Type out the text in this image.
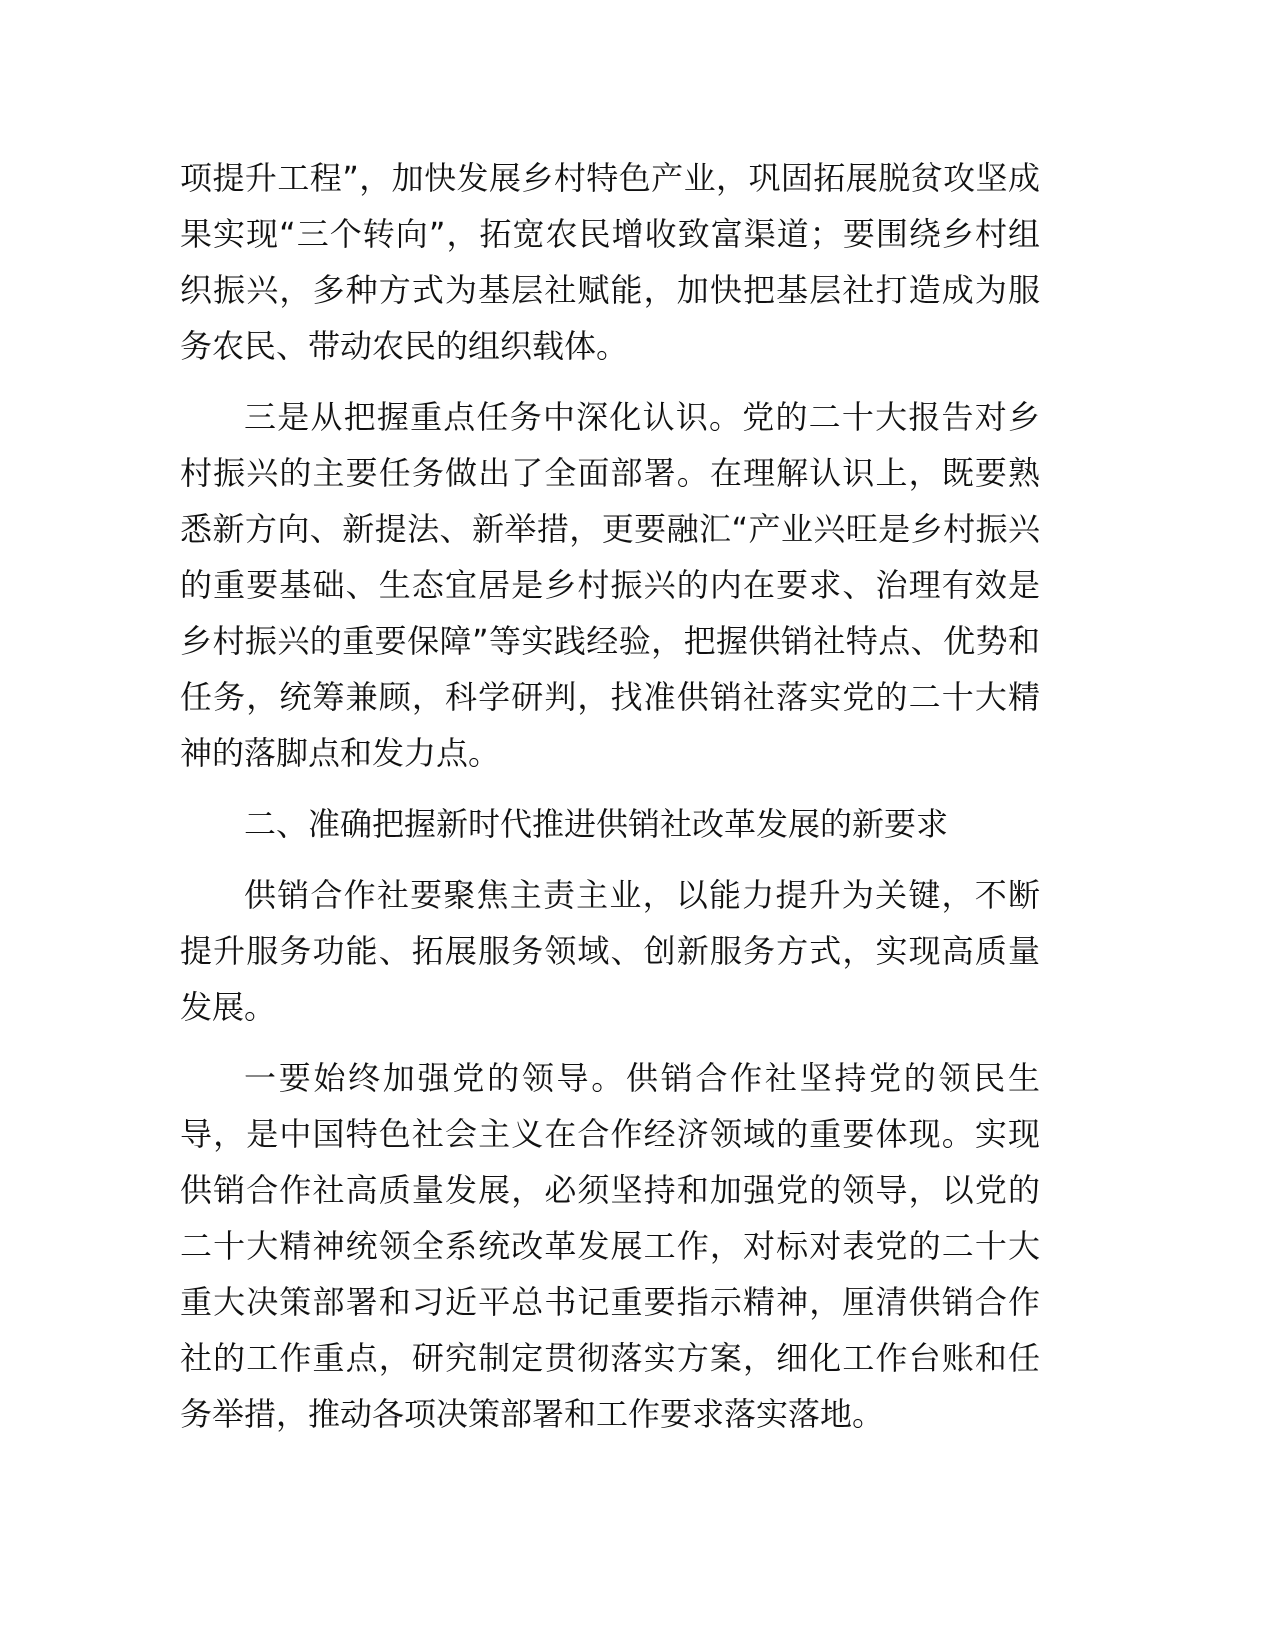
项提升工程”，加快发展乡村特色产业，巩固拓展脱贫攻坚成果实现“三个转向”，拓宽农民增收致富渠道；要围绕乡村组织振兴，多种方式为基层社赋能，加快把基层社打造成为服务农民、带动农民的组织载体。

三是从把握重点任务中深化认识。党的二十大报告对乡村振兴的主要任务做出了全面部署。在理解认识上，既要熟悉新方向、新提法、新举措，更要融汇“产业兴旺是乡村振兴的重要基础、生态宜居是乡村振兴的内在要求、治理有效是乡村振兴的重要保障”等实践经验，把握供销社特点、优势和任务，统筹兼顾，科学研判，找准供销社落实党的二十大精神的落脚点和发力点。

二、准确把握新时代推进供销社改革发展的新要求

供销合作社要聚焦主责主业，以能力提升为关键，不断提升服务功能、拓展服务领域、创新服务方式，实现高质量发展。

一要始终加强党的领导。供销合作社坚持党的领民生导，是中国特色社会主义在合作经济领域的重要体现。实现供销合作社高质量发展，必须坚持和加强党的领导，以党的二十大精神统领全系统改革发展工作，对标对表党的二十大重大决策部署和习近平总书记重要指示精神，厘清供销合作社的工作重点，研究制定贯彻落实方案，细化工作台账和任务举措，推动各项决策部署和工作要求落实落地。
